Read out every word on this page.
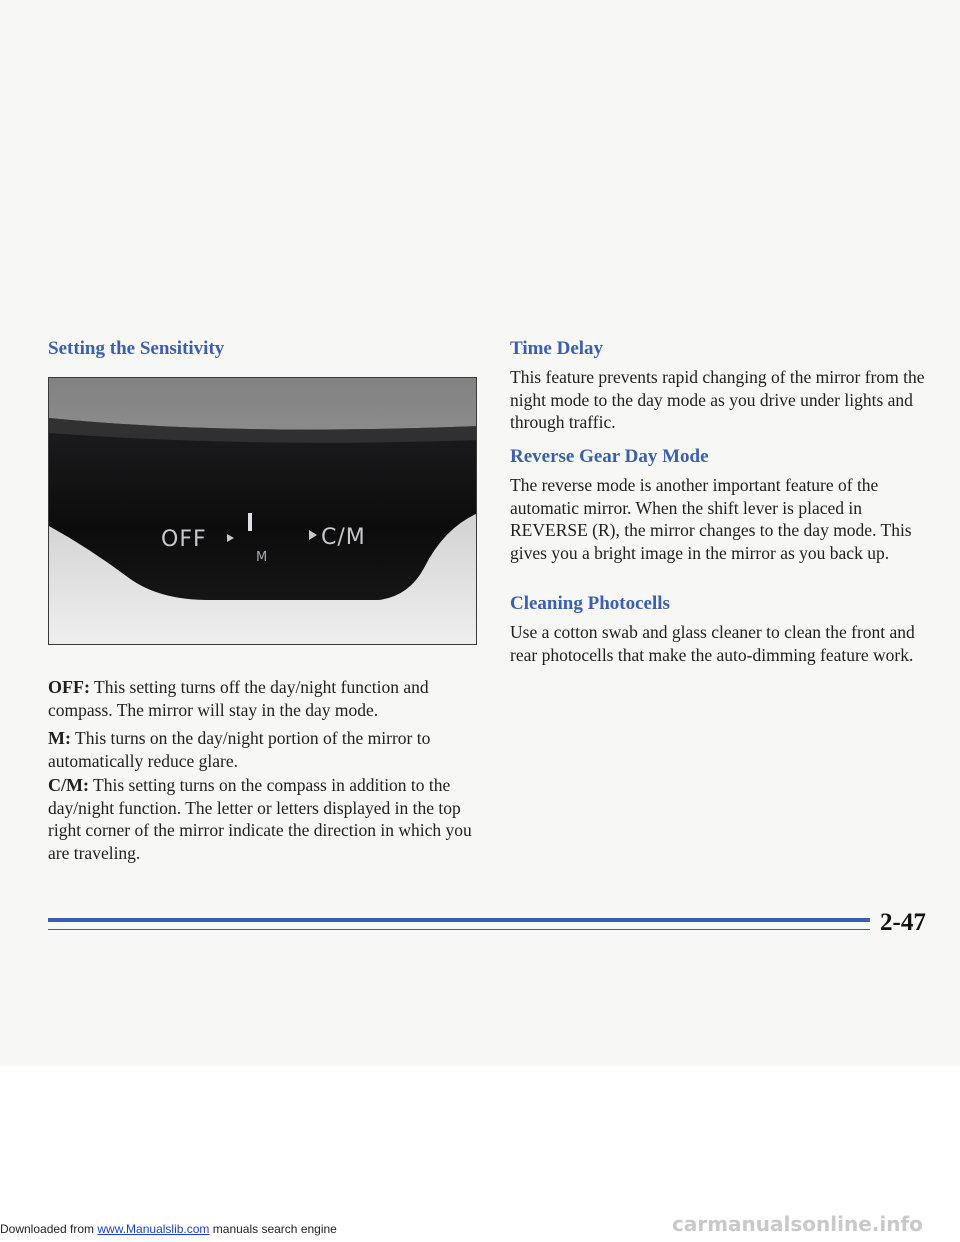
Setting the Sensitivity
OFF
M
C/M
OFF: This setting turns off the day/night function and compass. The mirror will stay in the day mode.
M: This turns on the day/night portion of the mirror to automatically reduce glare.
C/M: This setting turns on the compass in addition to the day/night function. The letter or letters displayed in the top right corner of the mirror indicate the direction in which you are traveling.
Time Delay
This feature prevents rapid changing of the mirror from the night mode to the day mode as you drive under lights and through traffic.
Reverse Gear Day Mode
The reverse mode is another important feature of the automatic mirror. When the shift lever is placed in REVERSE (R), the mirror changes to the day mode. This gives you a bright image in the mirror as you back up.
Cleaning Photocells
Use a cotton swab and glass cleaner to clean the front and rear photocells that make the auto-dimming feature work.
2-47
Downloaded from www.Manualslib.com manuals search engine	carmanualsonline.info
